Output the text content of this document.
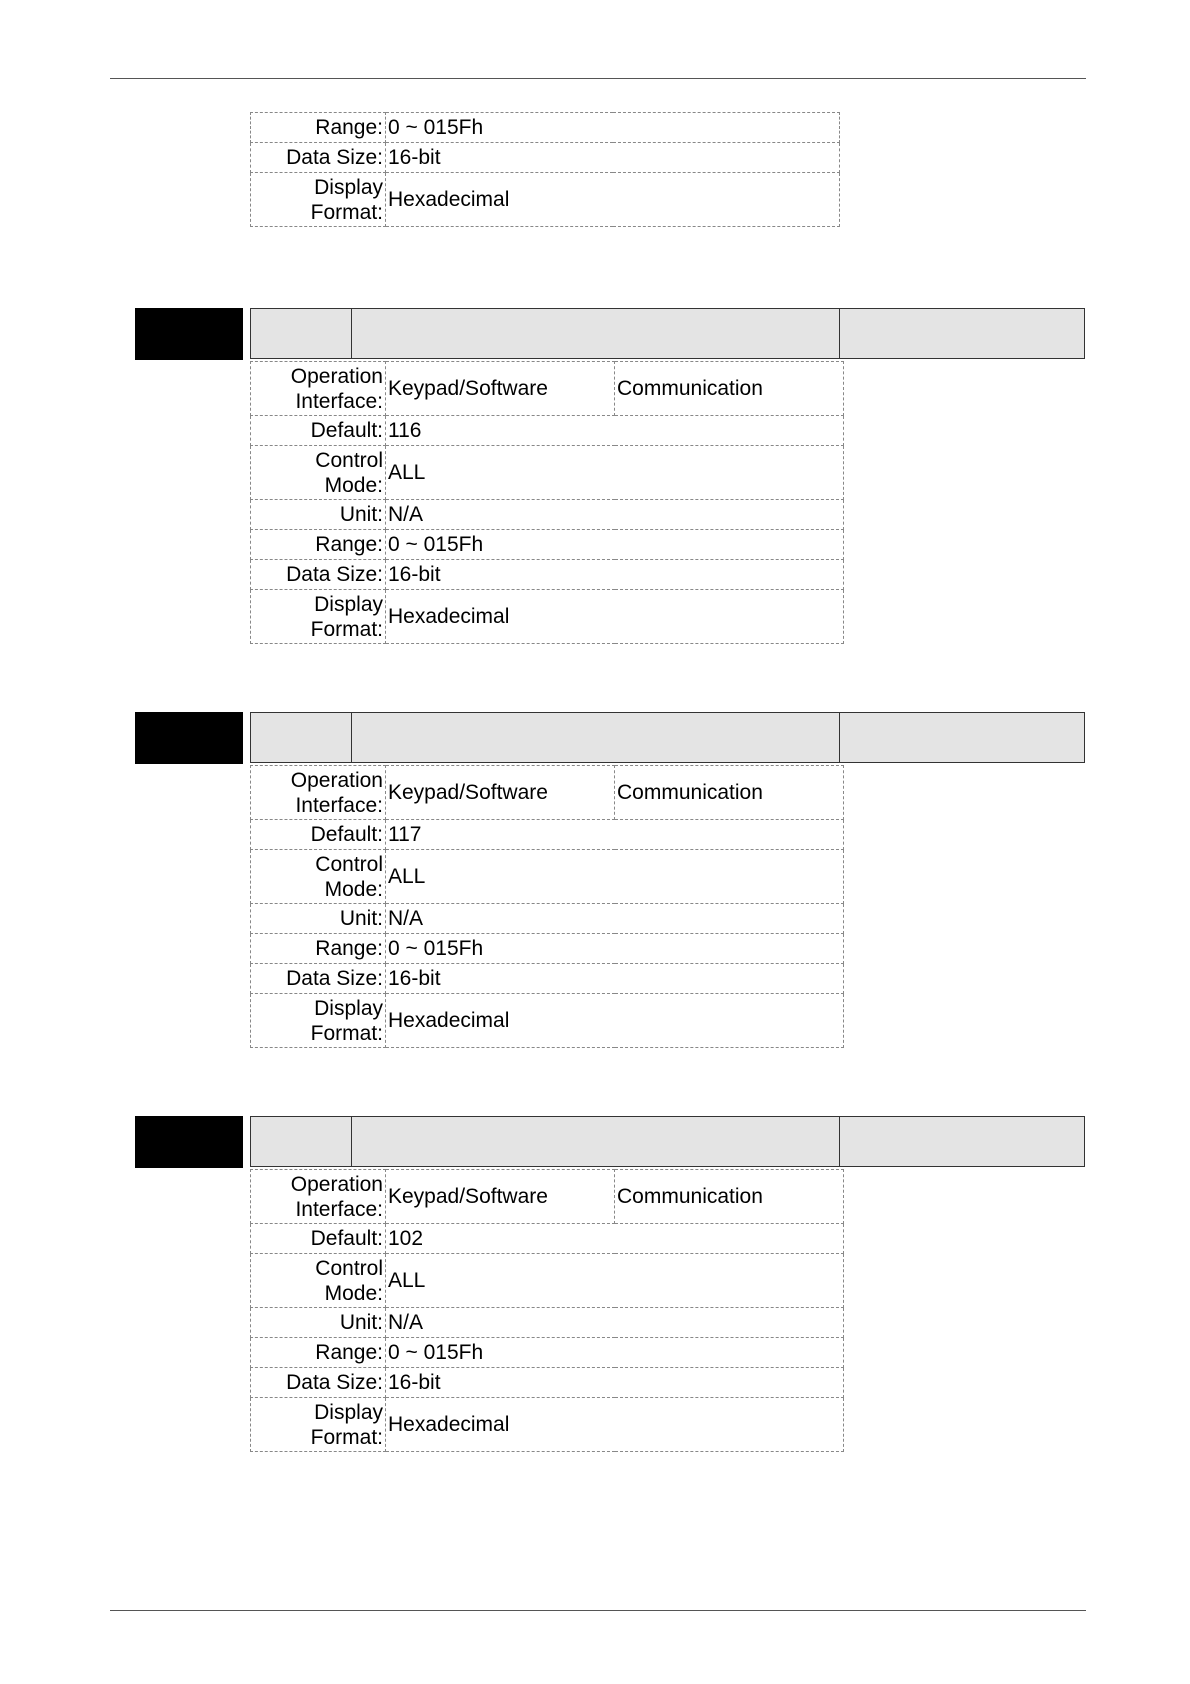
Range:	0 ~ 015Fh
Data Size:	16-bit
Display
Format:	Hexadecimal
Operation
Interface:	Keypad/Software	Communication
Default:	116	
Control
Mode:	ALL	
Unit:	N/A	
Range:	0 ~ 015Fh	
Data Size:	16-bit	
Display
Format:	Hexadecimal	
Operation
Interface:	Keypad/Software	Communication
Default:	117	
Control
Mode:	ALL	
Unit:	N/A	
Range:	0 ~ 015Fh	
Data Size:	16-bit	
Display
Format:	Hexadecimal	
Operation
Interface:	Keypad/Software	Communication
Default:	102	
Control
Mode:	ALL	
Unit:	N/A	
Range:	0 ~ 015Fh	
Data Size:	16-bit	
Display
Format:	Hexadecimal	
